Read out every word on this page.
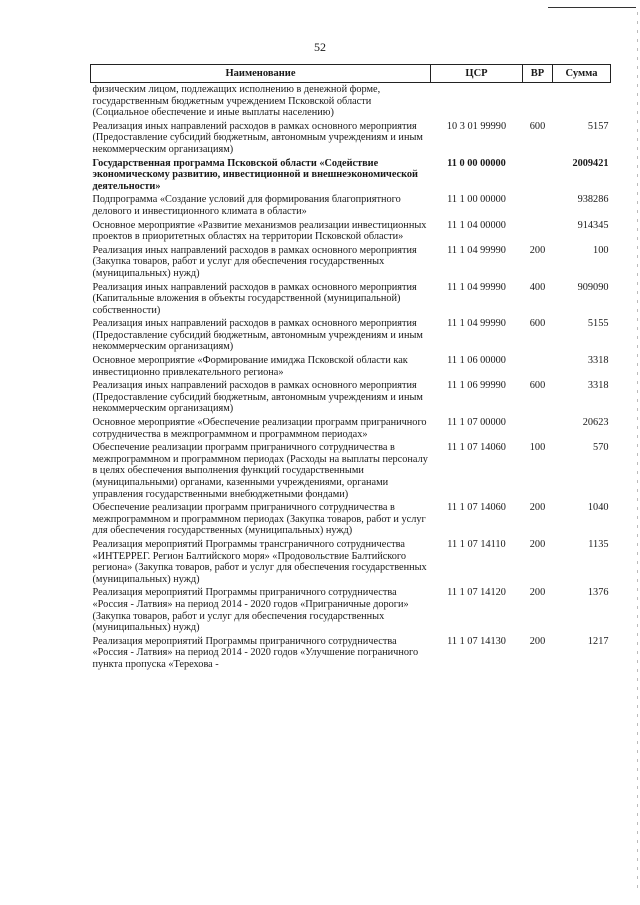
52
Наименование	ЦСР	ВР	Сумма
физическим лицом, подлежащих исполнению в денежной форме, государственным бюджетным учреждением Псковской области (Социальное обеспечение и иные выплаты населению)			
Реализация иных направлений расходов в рамках основного мероприятия (Предоставление субсидий бюджетным, автономным учреждениям и иным некоммерческим организациям)	10 3 01 99990	600	5157
Государственная программа Псковской области «Содействие экономическому развитию, инвестиционной и внешнеэкономической деятельности»	11 0 00 00000		2009421
Подпрограмма «Создание условий для формирования благоприятного делового и инвестиционного климата в области»	11 1 00 00000		938286
Основное мероприятие «Развитие механизмов реализации инвестиционных проектов в приоритетных областях на территории Псковской области»	11 1 04 00000		914345
Реализация иных направлений расходов в рамках основного мероприятия (Закупка товаров, работ и услуг для обеспечения государственных (муниципальных) нужд)	11 1 04 99990	200	100
Реализация иных направлений расходов в рамках основного мероприятия (Капитальные вложения в объекты государственной (муниципальной) собственности)	11 1 04 99990	400	909090
Реализация иных направлений расходов в рамках основного мероприятия (Предоставление субсидий бюджетным, автономным учреждениям и иным некоммерческим организациям)	11 1 04 99990	600	5155
Основное мероприятие «Формирование имиджа Псковской области как инвестиционно привлекательного региона»	11 1 06 00000		3318
Реализация иных направлений расходов в рамках основного мероприятия (Предоставление субсидий бюджетным, автономным учреждениям и иным некоммерческим организациям)	11 1 06 99990	600	3318
Основное мероприятие «Обеспечение реализации программ приграничного сотрудничества в межпрограммном и программном периодах»	11 1 07 00000		20623
Обеспечение реализации программ приграничного сотрудничества в межпрограммном и программном периодах (Расходы на выплаты персоналу в целях обеспечения выполнения функций государственными (муниципальными) органами, казенными учреждениями, органами управления государственными внебюджетными фондами)	11 1 07 14060	100	570
Обеспечение реализации программ приграничного сотрудничества в межпрограммном и программном периодах (Закупка товаров, работ и услуг для обеспечения государственных (муниципальных) нужд)	11 1 07 14060	200	1040
Реализация мероприятий Программы трансграничного сотрудничества «ИНТЕРРЕГ. Регион Балтийского моря» «Продовольствие Балтийского региона» (Закупка товаров, работ и услуг для обеспечения государственных (муниципальных) нужд)	11 1 07 14110	200	1135
Реализация мероприятий Программы приграничного сотрудничества «Россия - Латвия» на период 2014 - 2020 годов «Приграничные дороги» (Закупка товаров, работ и услуг для обеспечения государственных (муниципальных) нужд)	11 1 07 14120	200	1376
Реализация мероприятий Программы приграничного сотрудничества «Россия - Латвия» на период 2014 - 2020 годов «Улучшение пограничного пункта пропуска «Терехова -	11 1 07 14130	200	1217
